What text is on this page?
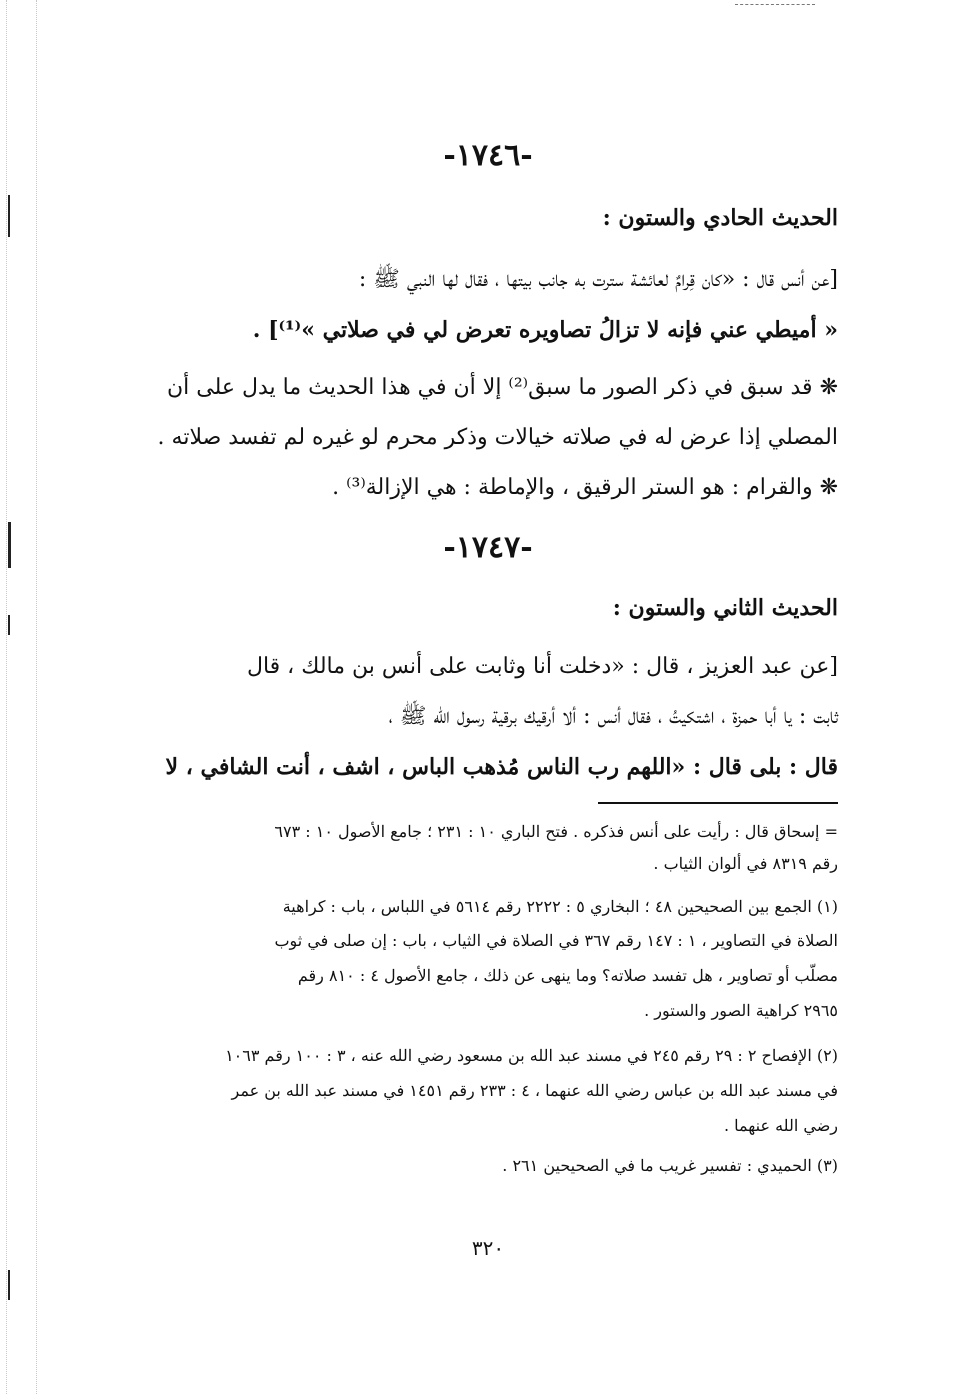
-١٧٤٦-
الحديث الحادي والستون :
[عن أنس قال : «كان قِرامٌ لعائشة سترت به جانب بيتها ، فقال لها النبي ﷺ :
« أميطي عني فإنه لا تزالُ تصاويره تعرض لي في صلاتي »⁽¹⁾] .
❋ قد سبق في ذكر الصور ما سبق⁽²⁾ إلا أن في هذا الحديث ما يدل على أن
المصلي إذا عرض له في صلاته خيالات وذكر محرم لو غيره لم تفسد صلاته .
❋ والقرام : هو الستر الرقيق ، والإماطة : هي الإزالة⁽³⁾ .
-١٧٤٧-
الحديث الثاني والستون :
[عن عبد العزيز ، قال : «دخلت أنا وثابت على أنس بن مالك ، قال
ثابت : يا أبا حمزة ، اشتكيتُ ، فقال أنس : ألا أرقيك برقية رسول الله ﷺ ،
قال : بلى قال : «اللهم رب الناس مُذهب الباس ، اشف ، أنت الشافي ، لا
= إسحاق قال : رأيت على أنس فذكره . فتح الباري ١٠ : ٢٣١ ؛ جامع الأصول ١٠ : ٦٧٣
رقم ٨٣١٩ في ألوان الثياب .
(١) الجمع بين الصحيحين ٤٨ ؛ البخاري ٥ : ٢٢٢٢ رقم ٥٦١٤ في اللباس ، باب : كراهية
الصلاة في التصاوير ، ١ : ١٤٧ رقم ٣٦٧ في الصلاة في الثياب ، باب : إن صلى في ثوب
مصلّب أو تصاوير ، هل تفسد صلاته؟ وما ينهى عن ذلك ، جامع الأصول ٤ : ٨١٠ رقم
٢٩٦٥ كراهية الصور والستور .
(٢) الإفصاح ٢ : ٢٩ رقم ٢٤٥ في مسند عبد الله بن مسعود رضي الله عنه ، ٣ : ١٠٠ رقم ١٠٦٣
في مسند عبد الله بن عباس رضي الله عنهما ، ٤ : ٢٣٣ رقم ١٤٥١ في مسند عبد الله بن عمر
رضي الله عنهما .
(٣) الحميدي : تفسير غريب ما في الصحيحين ٢٦١ .
٣٢٠
